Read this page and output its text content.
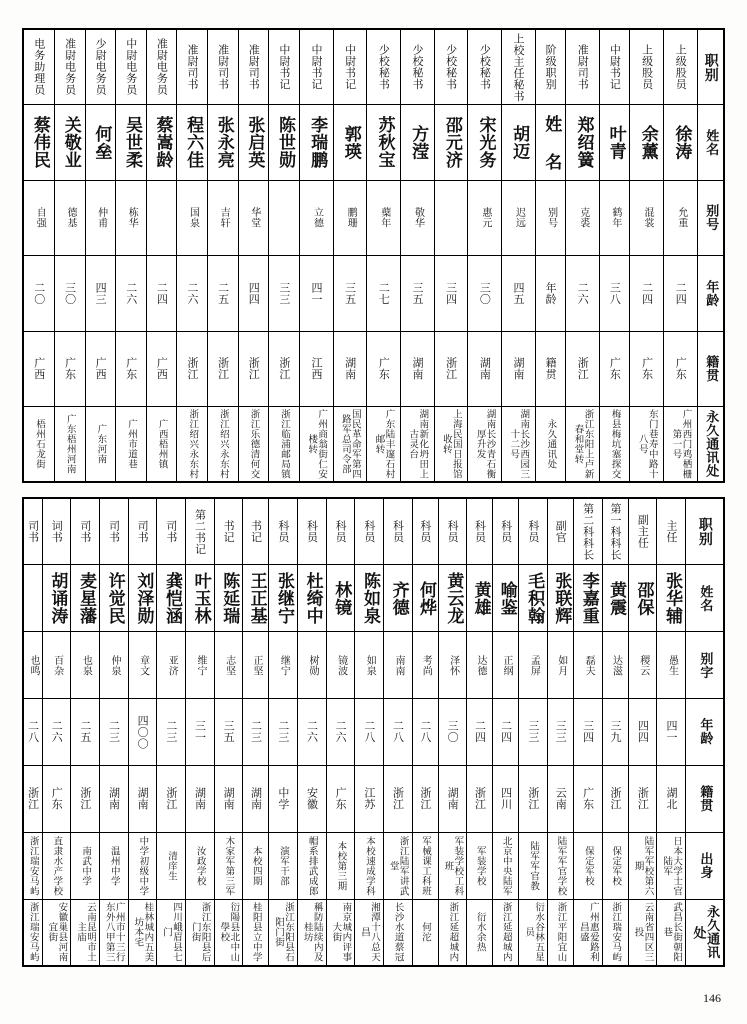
职别	姓名	别号	年龄	籍贯	永久通讯处
上级股员	徐涛	允重	二四	广东	广州西门鸡栖栅第一号
上级股员	余薰	混裳	二四	广东	东门巷寿中路十八号
中尉书记	叶青	鹤年	三八	广东	梅县梅坑塞探交
准尉司书	郑绍簧	克裘	二六	浙江	浙江东阳上卢新春和堂转
阶级职别	姓 名	别号	年龄	籍贯	永久通讯处
上校主任秘书	胡迈	迟远	四五	湖南	湖南长沙西园三十二号
少校秘书	宋光务	惠元	三〇	湖南	湖南长沙青石衡厚升发
少校秘书	邵元济		三四	浙江	上海民国日报馆收转
少校秘书	方滢	敬华	三五	湖南	湖南新化坍田上古灵台
少校秘书	苏秋宝	蘗年	二七	广东	广东陆丰邃石村邮转
中尉书记	郭瑛	鹏珊	三五	湖南	国民革命军第四路军总司令部
中尉书记	李瑞鹏	立德	四一	江西	广州商翁街仁安楼转
中尉书记	陈世勋		三三	浙江	浙江临浦邮局镇
准尉司书	张启英	华堂	四四	浙江	浙江乐德清何交
准尉司书	张永亮	吉轩	二五	浙江	浙江绍兴永东村
准尉司书	程六佳	国泉	二六	浙江	浙江绍兴永东村
准尉电务员	蔡嵩龄		二四	广西	广西梧州镇
中尉电务员	吴世柔	栋华	二六	广东	广州市道巷
少尉电务员	何垒	仲甫	四三	广西	广东河南
准尉电务员	关敬业	德基	三〇	广东	广东梧州河南
电务助理员	蔡伟民	自强	二〇	广西	梧州石龙街
职别	姓名	别字	年龄	籍贯	出身	永久通讯处
主任	张华辅	愚生	四一	湖北	日本大学士官陆军	武昌长街朝阳巷
副主任	邵保	稷云	四四	浙江	陆军军校第六期	云南省四区三投
第一科科长	黄震	达滋	三九	浙江	保定军校	浙江瑞安马屿
第二科科长	李嘉重	磊夫	三四	广东	保定军校	广州惠爱路利昌盛
副官	张联辉	如月	三三	云南	陆军军官学校	浙江平阳宜山
科员	毛积翰	孟屏	三三	浙江	陆军军官教	衍水谷林五星员
科员	喻鉴	正纲	二四	四川	北京中央陆军	浙江延超城内
科员	黄雄	达德	二四	浙江	军装学校	衍水余热
科员	黄云龙	泽怀	三〇	湖南	军装学校工科班	浙江延超城内
科员	何烨	考尚	二八	浙江	军械课工科班	何沱
科员	齐德	南南	二八	浙江	浙江陆军讲武堂	长沙水道蔡冠
科员	陈如泉	如泉	二八	江苏	本校速成学科	湘潭十八总天昌
科员	林镜	镜波	二六	广东	本校第三期	南京城内评事大街
科员	杜绮中	树勋	二六	安徽	帽系排武成郎	稱防陆续内及桂坊
科员	张继宁	继宁	二三	中学	演军干部	浙江东阳县石阳门街
书记	王正基	正坚	二三	湖南	本校四期	桂阳县立中学
书记	陈延瑞	志坚	三五	湖南	木家军第三军	衍陽县北中山學校
第二书记	叶玉林	维宁	三一	湖南	汝政学校	浙江东阳县后门街
司书	龚恺涵	亚济	二三	浙江	清庠生	四川峨眉县七门
司书	刘泽勋	章文	四〇〇	湖南	中学初级中学	桂林城内五美坊本宅
司书	许觉民	仲泉	二三	湖南	温州中学	广州市十三行东外八甲第三
司书	麦星藩	也泉	二五	浙江	南武中学	云南昆明市土主庙
词书	胡诵涛	百杂	二六	广东	直隶水产学校	安徽巢县河南宜街
司书		也鸣	二八	浙江	浙江瑞安马屿	浙江瑞安马屿
146
